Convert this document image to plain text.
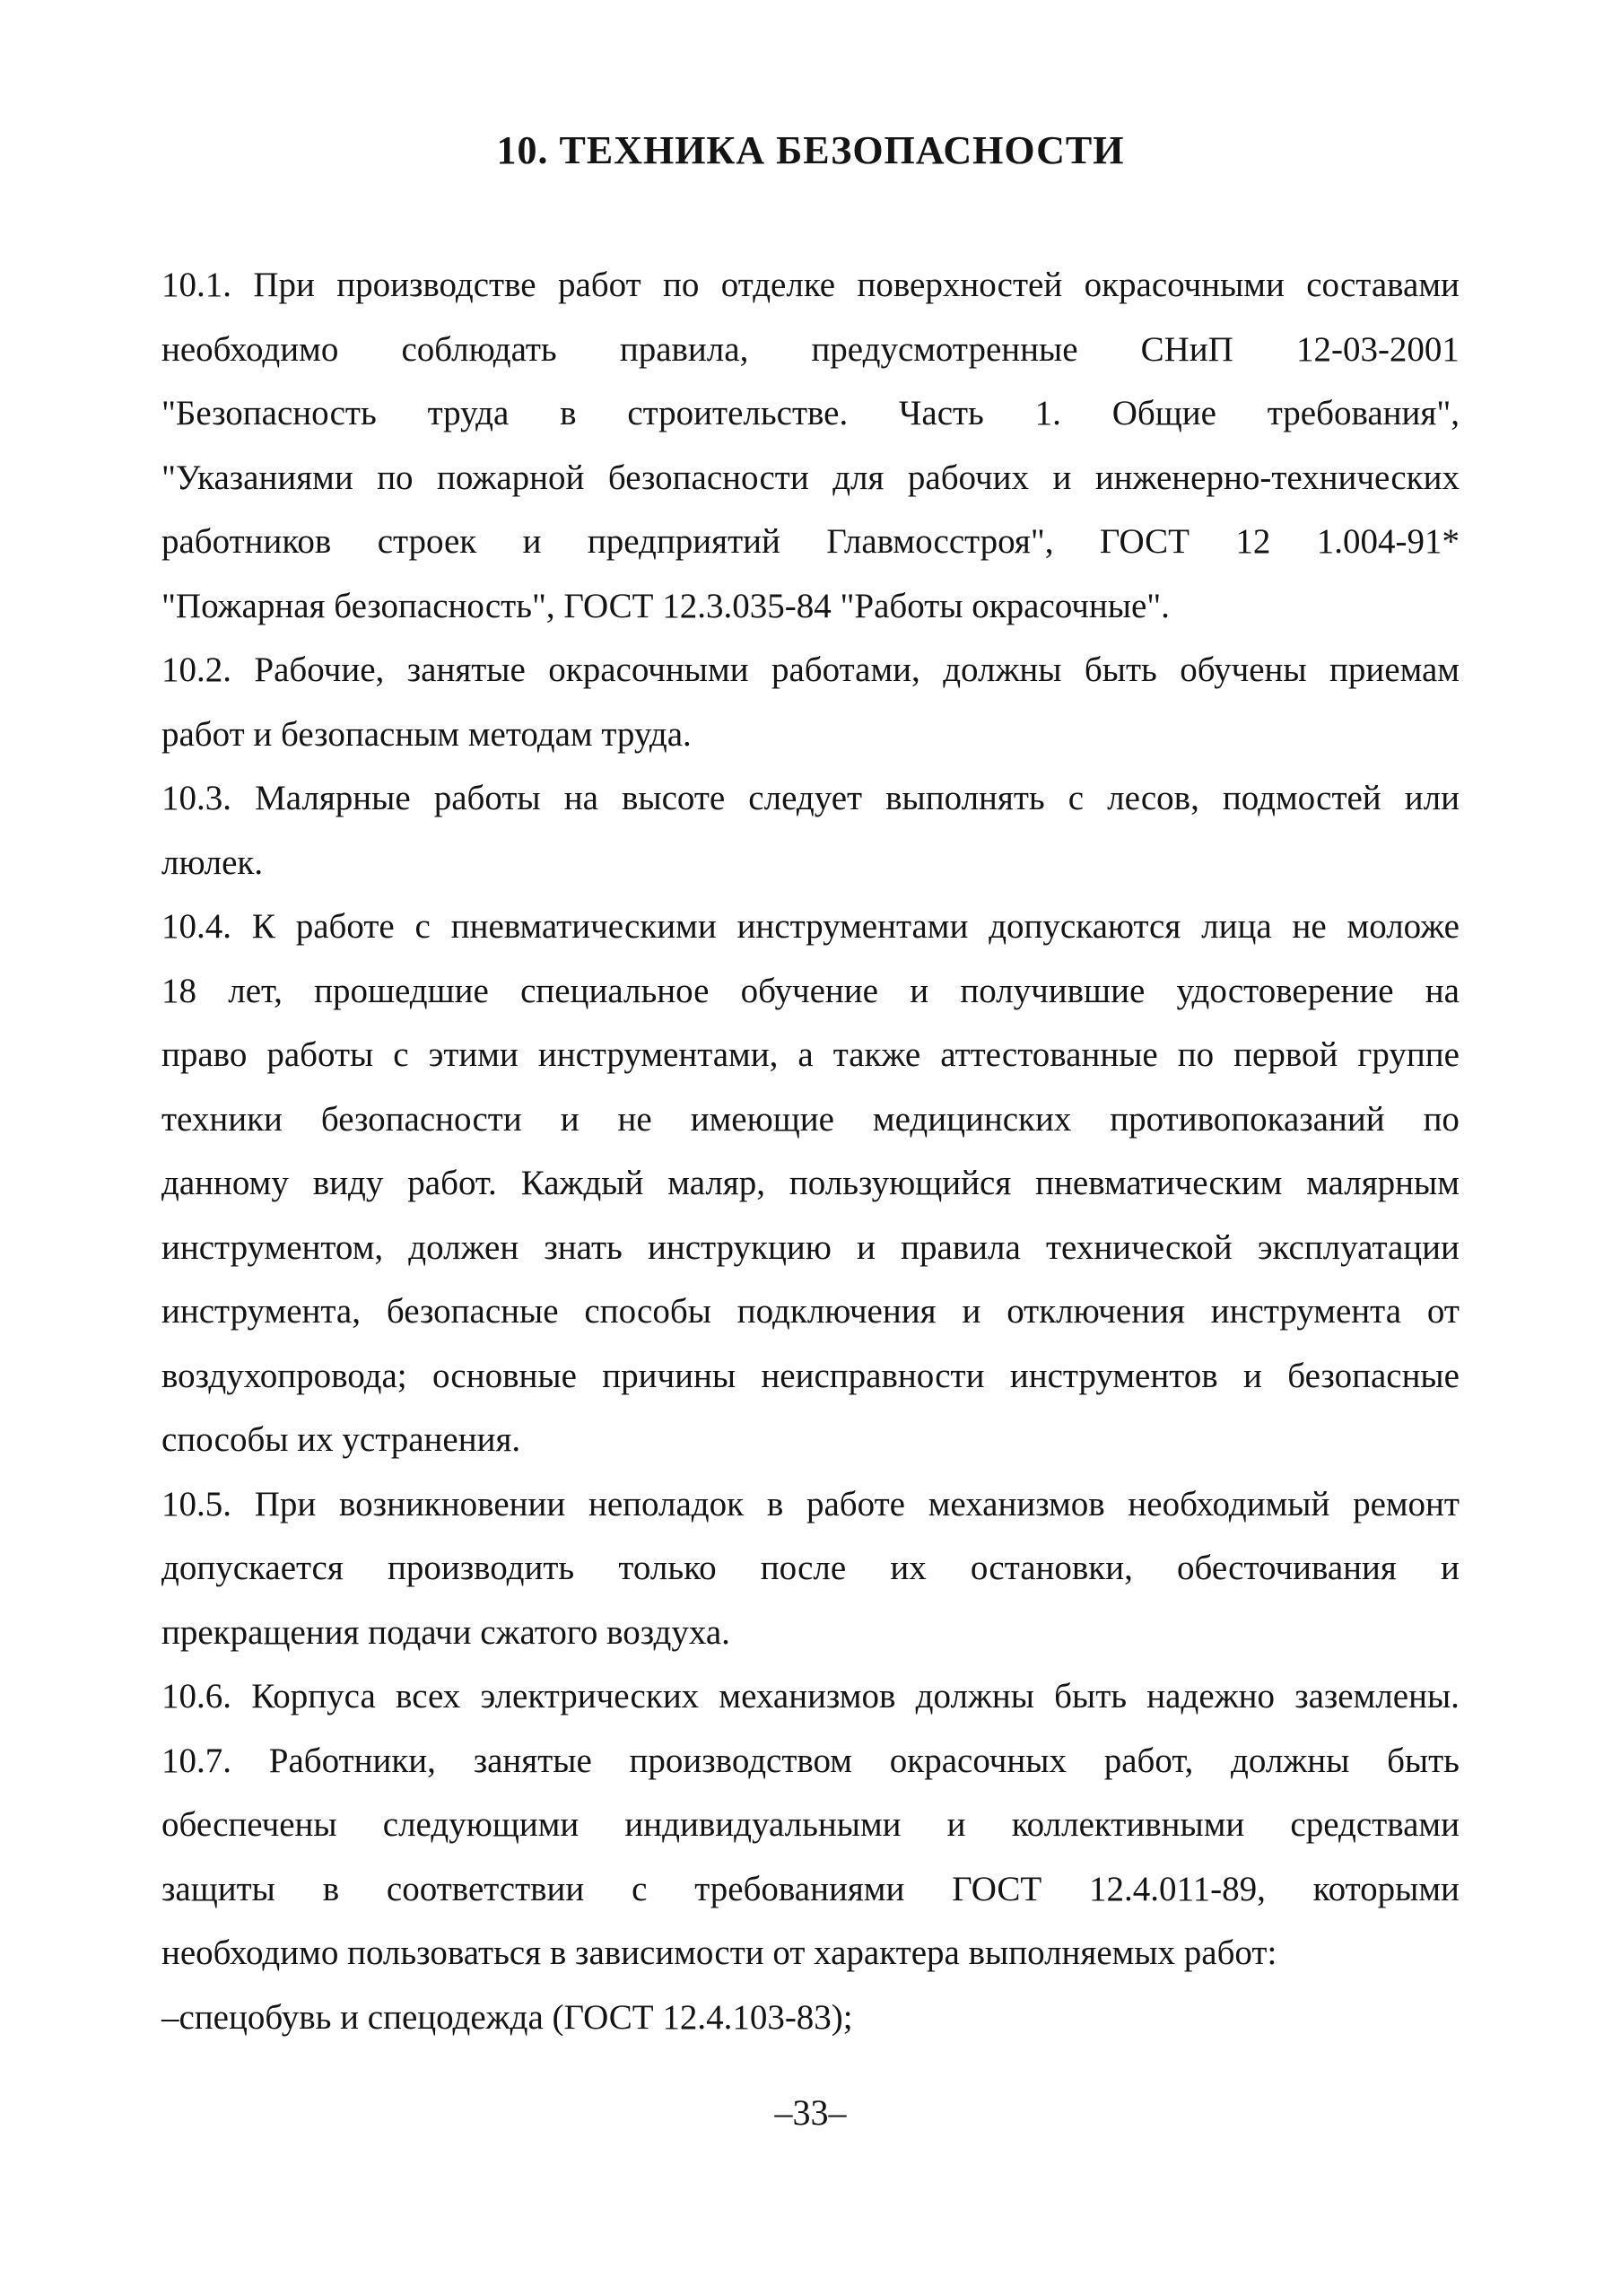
10. ТЕХНИКА БЕЗОПАСНОСТИ
10.1. При производстве работ по отделке поверхностей окрасочными составами
необходимо соблюдать правила, предусмотренные СНиП 12-03-2001
"Безопасность труда в строительстве. Часть 1. Общие требования",
"Указаниями по пожарной безопасности для рабочих и инженерно-технических
работников строек и предприятий Главмосстроя", ГОСТ 12 1.004-91*
"Пожарная безопасность", ГОСТ 12.3.035-84 "Работы окрасочные".
10.2. Рабочие, занятые окрасочными работами, должны быть обучены приемам
работ и безопасным методам труда.
10.3. Малярные работы на высоте следует выполнять с лесов, подмостей или
люлек.
10.4. К работе с пневматическими инструментами допускаются лица не моложе
18 лет, прошедшие специальное обучение и получившие удостоверение на
право работы с этими инструментами, а также аттестованные по первой группе
техники безопасности и не имеющие медицинских противопоказаний по
данному виду работ. Каждый маляр, пользующийся пневматическим малярным
инструментом, должен знать инструкцию и правила технической эксплуатации
инструмента, безопасные способы подключения и отключения инструмента от
воздухопровода; основные причины неисправности инструментов и безопасные
способы их устранения.
10.5. При возникновении неполадок в работе механизмов необходимый ремонт
допускается производить только после их остановки, обесточивания и
прекращения подачи сжатого воздуха.
10.6. Корпуса всех электрических механизмов должны быть надежно заземлены.
10.7. Работники, занятые производством окрасочных работ, должны быть
обеспечены следующими индивидуальными и коллективными средствами
защиты в соответствии с требованиями ГОСТ 12.4.011-89, которыми
необходимо пользоваться в зависимости от характера выполняемых работ:
–спецобувь и спецодежда (ГОСТ 12.4.103-83);
–33–
